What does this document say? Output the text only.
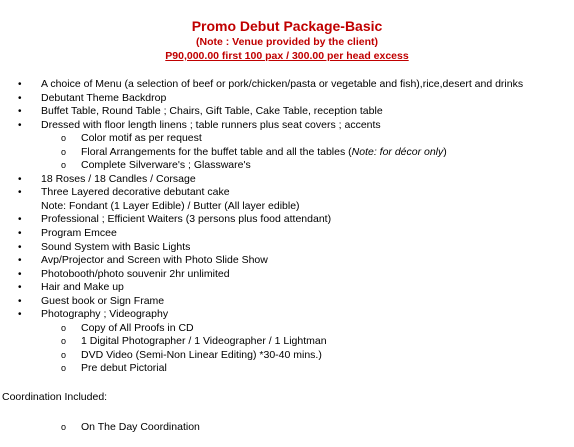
Promo Debut Package-Basic
(Note : Venue provided by the client)
P90,000.00 first 100 pax / 300.00 per head excess
• A choice of Menu (a selection of beef or pork/chicken/pasta or vegetable and fish),rice,desert and drinks
• Debutant Theme Backdrop
• Buffet Table, Round Table ; Chairs, Gift Table, Cake Table, reception table
• Dressed with floor length linens ; table runners plus seat covers ; accents
o Color motif as per request
o Floral Arrangements for the buffet table and all the tables (Note: for décor only)
o Complete Silverware's ; Glassware's
• 18 Roses / 18 Candles / Corsage
• Three Layered decorative debutant cake
Note: Fondant (1 Layer Edible) / Butter (All layer edible)
• Professional ; Efficient Waiters (3 persons plus food attendant)
• Program Emcee
• Sound System with Basic Lights
• Avp/Projector and Screen with Photo Slide Show
• Photobooth/photo souvenir 2hr unlimited
• Hair and Make up
• Guest book or Sign Frame
• Photography ; Videography
o Copy of All Proofs in CD
o 1 Digital Photographer / 1 Videographer / 1 Lightman
o DVD Video (Semi-Non Linear Editing) *30-40 mins.)
o Pre debut Pictorial
Coordination Included:
o On The Day Coordination
